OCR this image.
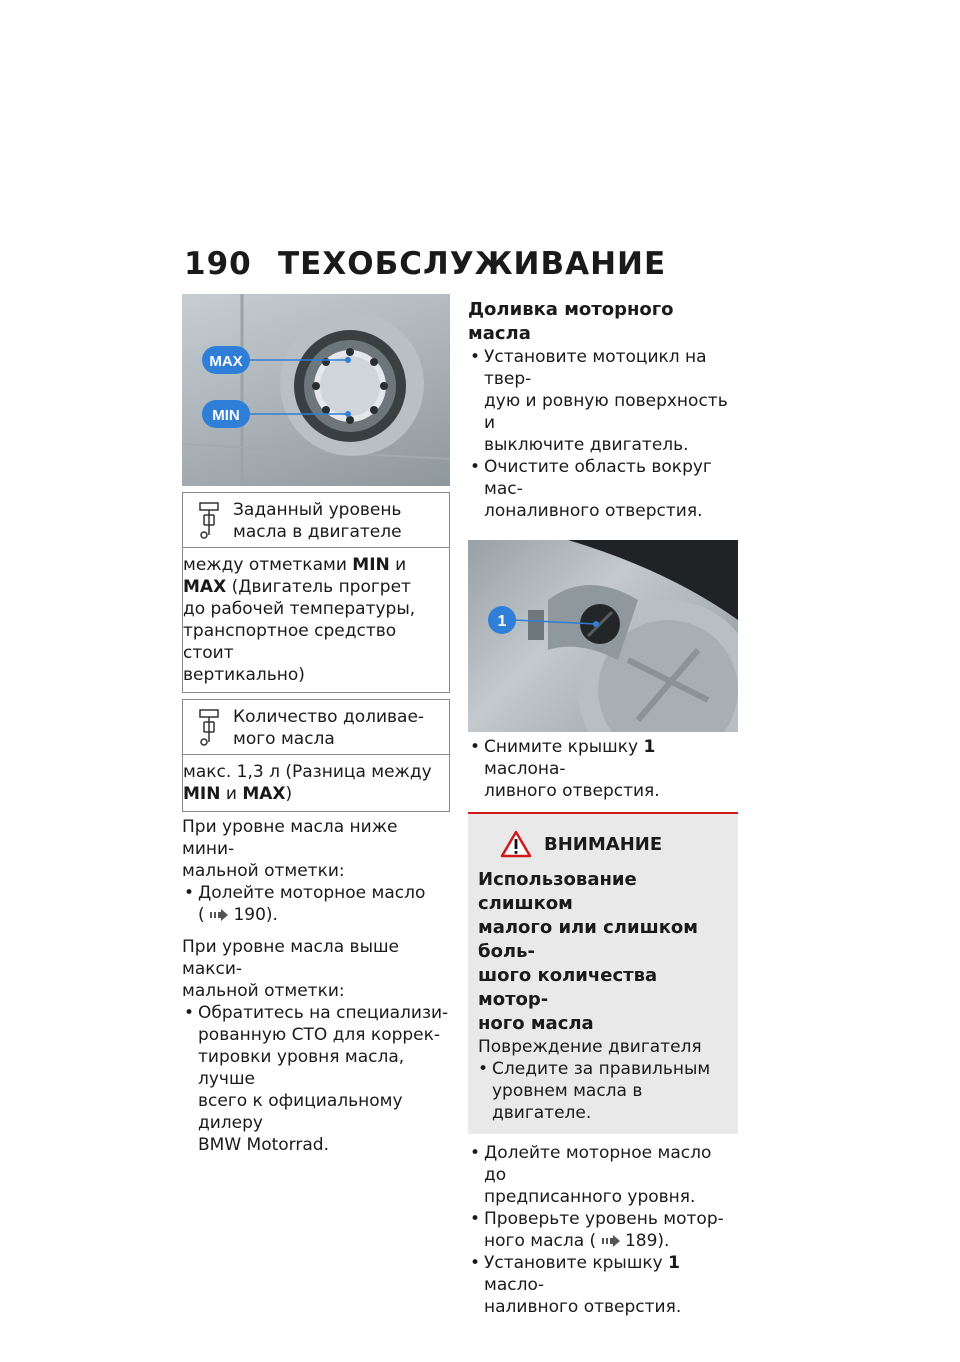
190 ТЕХОБСЛУЖИВАНИЕ
MAX
MIN
Заданный уровень
масла в двигателе
между отметками MIN и
MAX (Двигатель прогрет
до рабочей температуры,
транспортное средство стоит
вертикально)
Количество доливае-
мого масла
макс. 1,3 л (Разница между
MIN и MAX)
При уровне масла ниже мини-
мальной отметки:
• Долейте моторное масло
(  190).
При уровне масла выше макси-
мальной отметки:
• Обратитесь на специализи-
рованную СТО для коррек-
тировки уровня масла, лучше
всего к официальному дилеру
BMW Motorrad.
Доливка моторного масла
• Установите мотоцикл на твер-
дую и ровную поверхность и
выключите двигатель.
• Очистите область вокруг мас-
лоналивного отверстия.
1
• Снимите крышку 1 маслона-
ливного отверстия.
ВНИМАНИЕ
Использование слишком
малого или слишком боль-
шого количества мотор-
ного масла
Повреждение двигателя
• Следите за правильным
уровнем масла в двигателе.
• Долейте моторное масло до
предписанного уровня.
• Проверьте уровень мотор-
ного масла (  189).
• Установите крышку 1 масло-
наливного отверстия.
